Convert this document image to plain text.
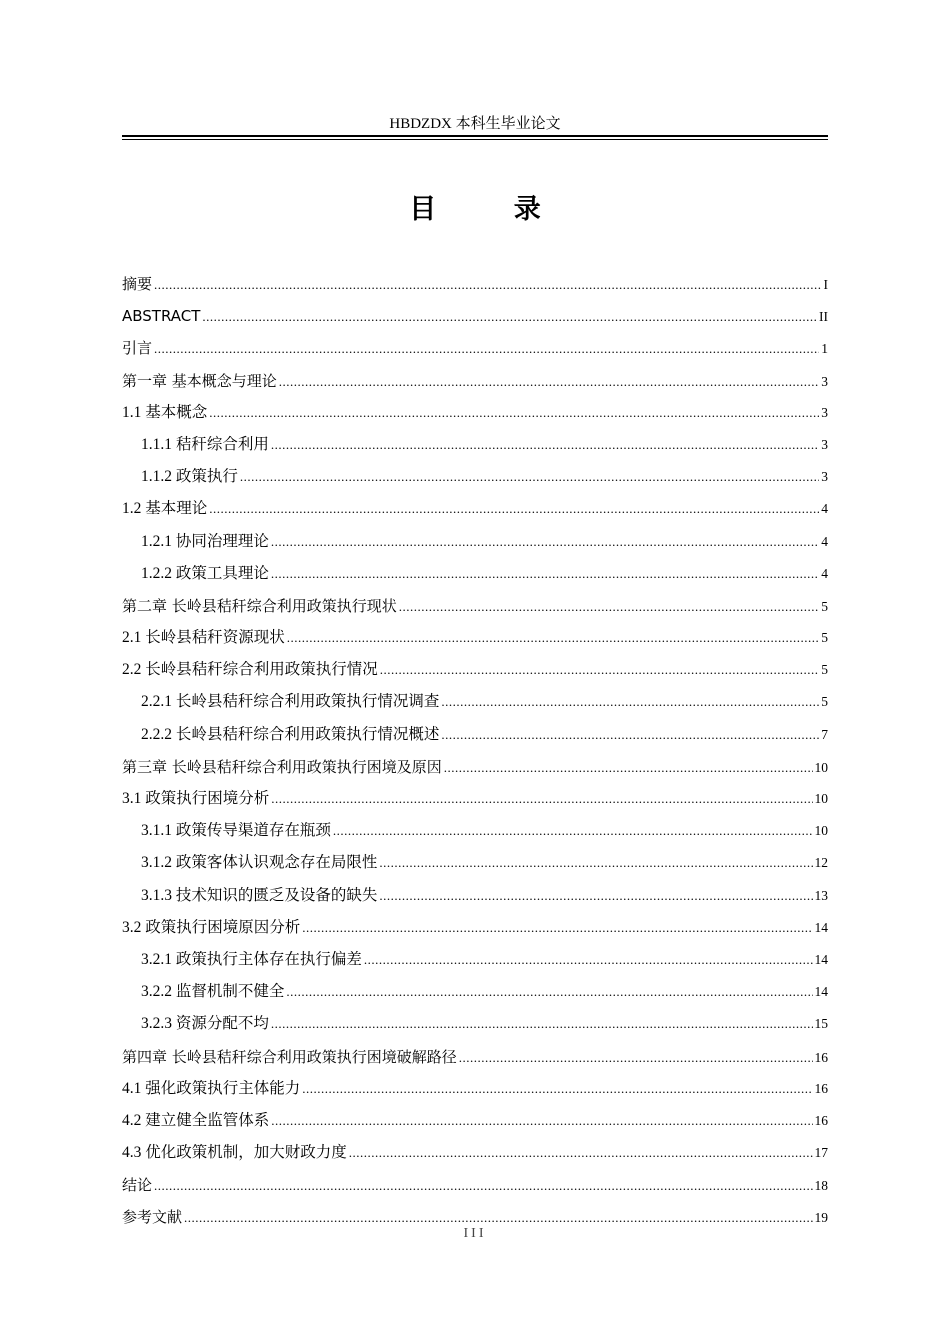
HBDZDX 本科生毕业论文
目 录
摘要 .....	I
ABSTRACT .....	II
引言 .....	1
第一章 基本概念与理论 .....	3
1.1 基本概念 .....	3
1.1.1 秸秆综合利用 .....	3
1.1.2 政策执行 .....	3
1.2 基本理论 .....	4
1.2.1 协同治理理论 .....	4
1.2.2 政策工具理论 .....	4
第二章 长岭县秸秆综合利用政策执行现状 .....	5
2.1 长岭县秸秆资源现状 .....	5
2.2 长岭县秸秆综合利用政策执行情况 .....	5
2.2.1 长岭县秸秆综合利用政策执行情况调查 .....	5
2.2.2 长岭县秸秆综合利用政策执行情况概述 .....	7
第三章 长岭县秸秆综合利用政策执行困境及原因 .....	10
3.1 政策执行困境分析 .....	10
3.1.1 政策传导渠道存在瓶颈 .....	10
3.1.2 政策客体认识观念存在局限性 .....	12
3.1.3 技术知识的匮乏及设备的缺失 .....	13
3.2 政策执行困境原因分析 .....	14
3.2.1 政策执行主体存在执行偏差 .....	14
3.2.2 监督机制不健全 .....	14
3.2.3 资源分配不均 .....	15
第四章 长岭县秸秆综合利用政策执行困境破解路径 .....	16
4.1 强化政策执行主体能力 .....	16
4.2 建立健全监管体系 .....	16
4.3 优化政策机制，加大财政力度 .....	17
结论 .....	18
参考文献 .....	19
III
